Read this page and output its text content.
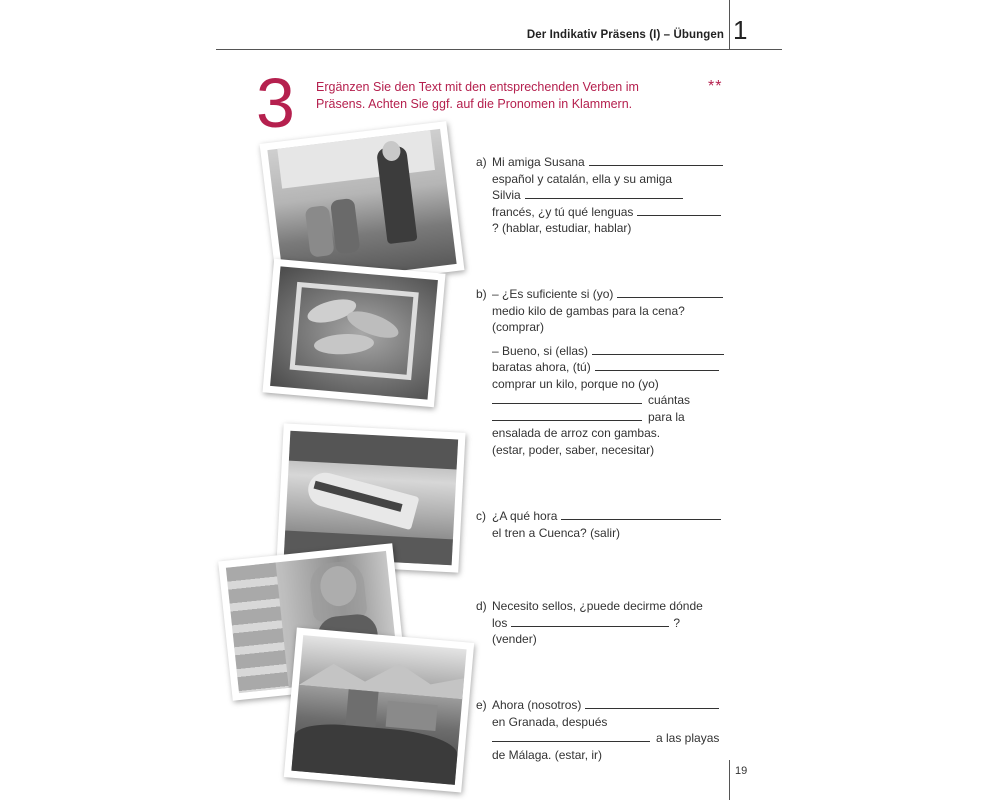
Der Indikativ Präsens (I) – Übungen 1
3 Ergänzen Sie den Text mit den entsprechenden Verben im
Präsens. Achten Sie ggf. auf die Pronomen in Klammern.
**
a) Mi amiga Susana
español y catalán, ella y su amiga
Silvia
francés, ¿y tú qué lenguas
? (hablar, estudiar, hablar)
b) – ¿Es suficiente si (yo)
medio kilo de gambas para la cena?
(comprar)
– Bueno, si (ellas)
baratas ahora, (tú)
comprar un kilo, porque no (yo)
cuántas
para la
ensalada de arroz con gambas.
(estar, poder, saber, necesitar)
c) ¿A qué hora
el tren a Cuenca? (salir)
d) Necesito sellos, ¿puede decirme dónde
los	?
(vender)
e) Ahora (nosotros)
en Granada, después
a las playas
de Málaga. (estar, ir)
19
